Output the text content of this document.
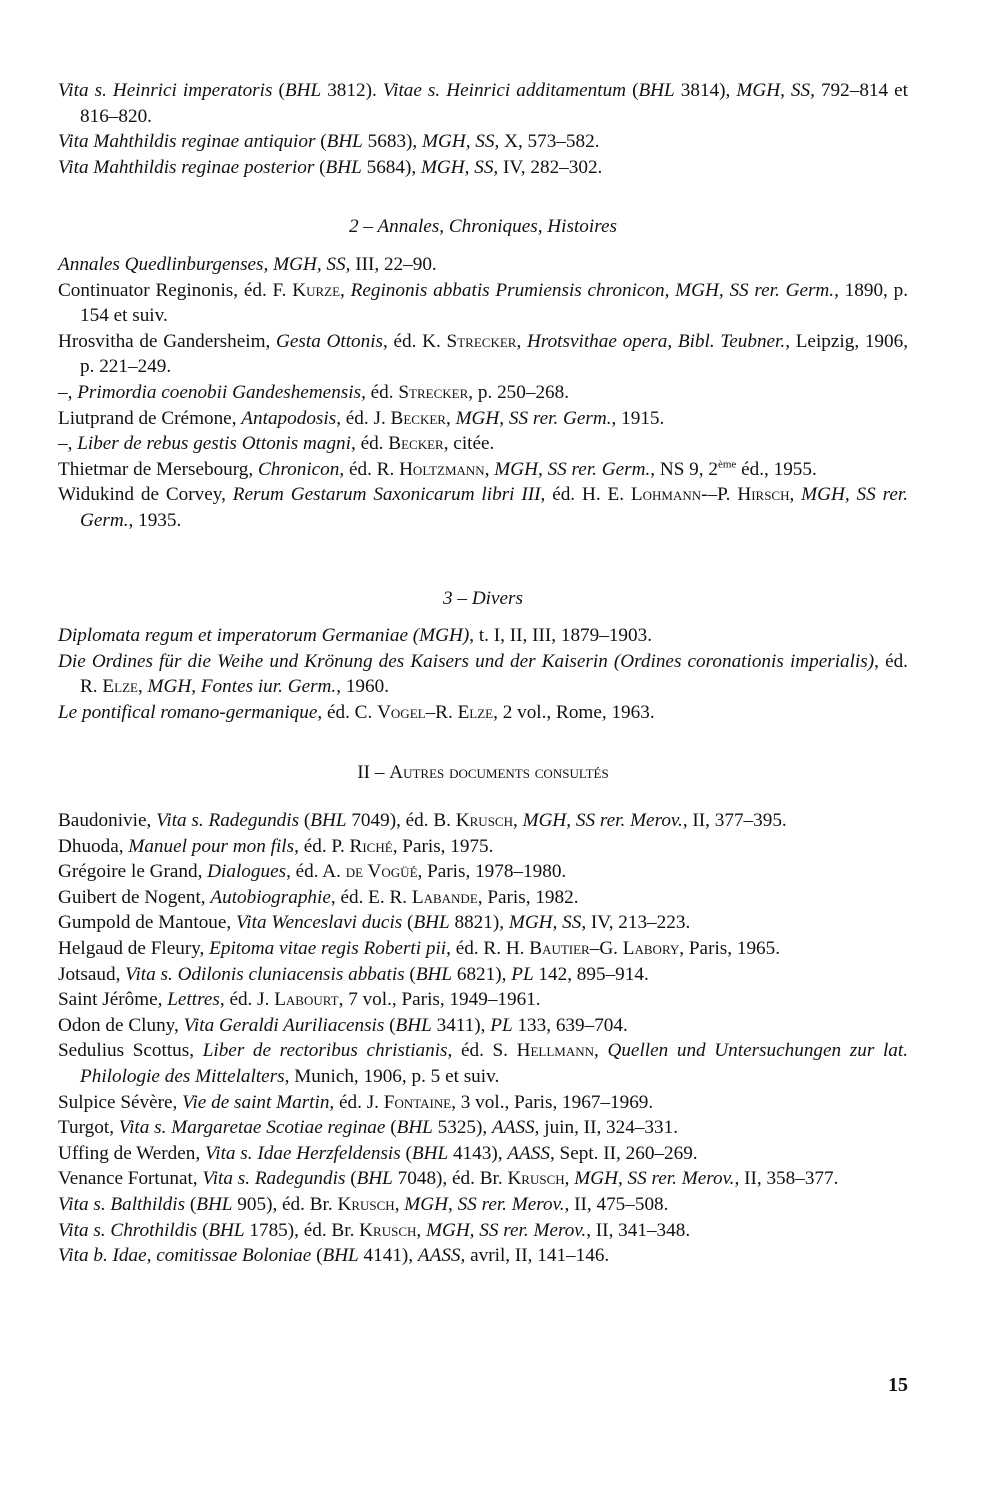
Vita s. Heinrici imperatoris (BHL 3812). Vitae s. Heinrici additamentum (BHL 3814), MGH, SS, 792–814 et 816–820.

Vita Mahthildis reginae antiquior (BHL 5683), MGH, SS, X, 573–582.

Vita Mahthildis reginae posterior (BHL 5684), MGH, SS, IV, 282–302.

2 – Annales, Chroniques, Histoires

Annales Quedlinburgenses, MGH, SS, III, 22–90.

Continuator Reginonis, éd. F. Kurze, Reginonis abbatis Prumiensis chronicon, MGH, SS rer. Germ., 1890, p. 154 et suiv.

Hrosvitha de Gandersheim, Gesta Ottonis, éd. K. Strecker, Hrotsvithae opera, Bibl. Teubner., Leipzig, 1906, p. 221–249.

–, Primordia coenobii Gandeshemensis, éd. Strecker, p. 250–268.

Liutprand de Crémone, Antapodosis, éd. J. Becker, MGH, SS rer. Germ., 1915.

–, Liber de rebus gestis Ottonis magni, éd. Becker, citée.

Thietmar de Mersebourg, Chronicon, éd. R. Holtzmann, MGH, SS rer. Germ., NS 9, 2ème éd., 1955.

Widukind de Corvey, Rerum Gestarum Saxonicarum libri III, éd. H. E. Lohmann-–P. Hirsch, MGH, SS rer. Germ., 1935.

3 – Divers

Diplomata regum et imperatorum Germaniae (MGH), t. I, II, III, 1879–1903.

Die Ordines für die Weihe und Krönung des Kaisers und der Kaiserin (Ordines coronationis imperialis), éd. R. Elze, MGH, Fontes iur. Germ., 1960.

Le pontifical romano-germanique, éd. C. Vogel–R. Elze, 2 vol., Rome, 1963.

II – Autres documents consultés

Baudonivie, Vita s. Radegundis (BHL 7049), éd. B. Krusch, MGH, SS rer. Merov., II, 377–395.

Dhuoda, Manuel pour mon fils, éd. P. Riché, Paris, 1975.

Grégoire le Grand, Dialogues, éd. A. de Vogüé, Paris, 1978–1980.

Guibert de Nogent, Autobiographie, éd. E. R. Labande, Paris, 1982.

Gumpold de Mantoue, Vita Wenceslavi ducis (BHL 8821), MGH, SS, IV, 213–223.

Helgaud de Fleury, Epitoma vitae regis Roberti pii, éd. R. H. Bautier–G. Labory, Paris, 1965.

Jotsaud, Vita s. Odilonis cluniacensis abbatis (BHL 6821), PL 142, 895–914.

Saint Jérôme, Lettres, éd. J. Labourt, 7 vol., Paris, 1949–1961.

Odon de Cluny, Vita Geraldi Auriliacensis (BHL 3411), PL 133, 639–704.

Sedulius Scottus, Liber de rectoribus christianis, éd. S. Hellmann, Quellen und Untersuchungen zur lat. Philologie des Mittelalters, Munich, 1906, p. 5 et suiv.

Sulpice Sévère, Vie de saint Martin, éd. J. Fontaine, 3 vol., Paris, 1967–1969.

Turgot, Vita s. Margaretae Scotiae reginae (BHL 5325), AASS, juin, II, 324–331.

Uffing de Werden, Vita s. Idae Herzfeldensis (BHL 4143), AASS, Sept. II, 260–269.

Venance Fortunat, Vita s. Radegundis (BHL 7048), éd. Br. Krusch, MGH, SS rer. Merov., II, 358–377.

Vita s. Balthildis (BHL 905), éd. Br. Krusch, MGH, SS rer. Merov., II, 475–508.

Vita s. Chrothildis (BHL 1785), éd. Br. Krusch, MGH, SS rer. Merov., II, 341–348.

Vita b. Idae, comitissae Boloniae (BHL 4141), AASS, avril, II, 141–146.

15
